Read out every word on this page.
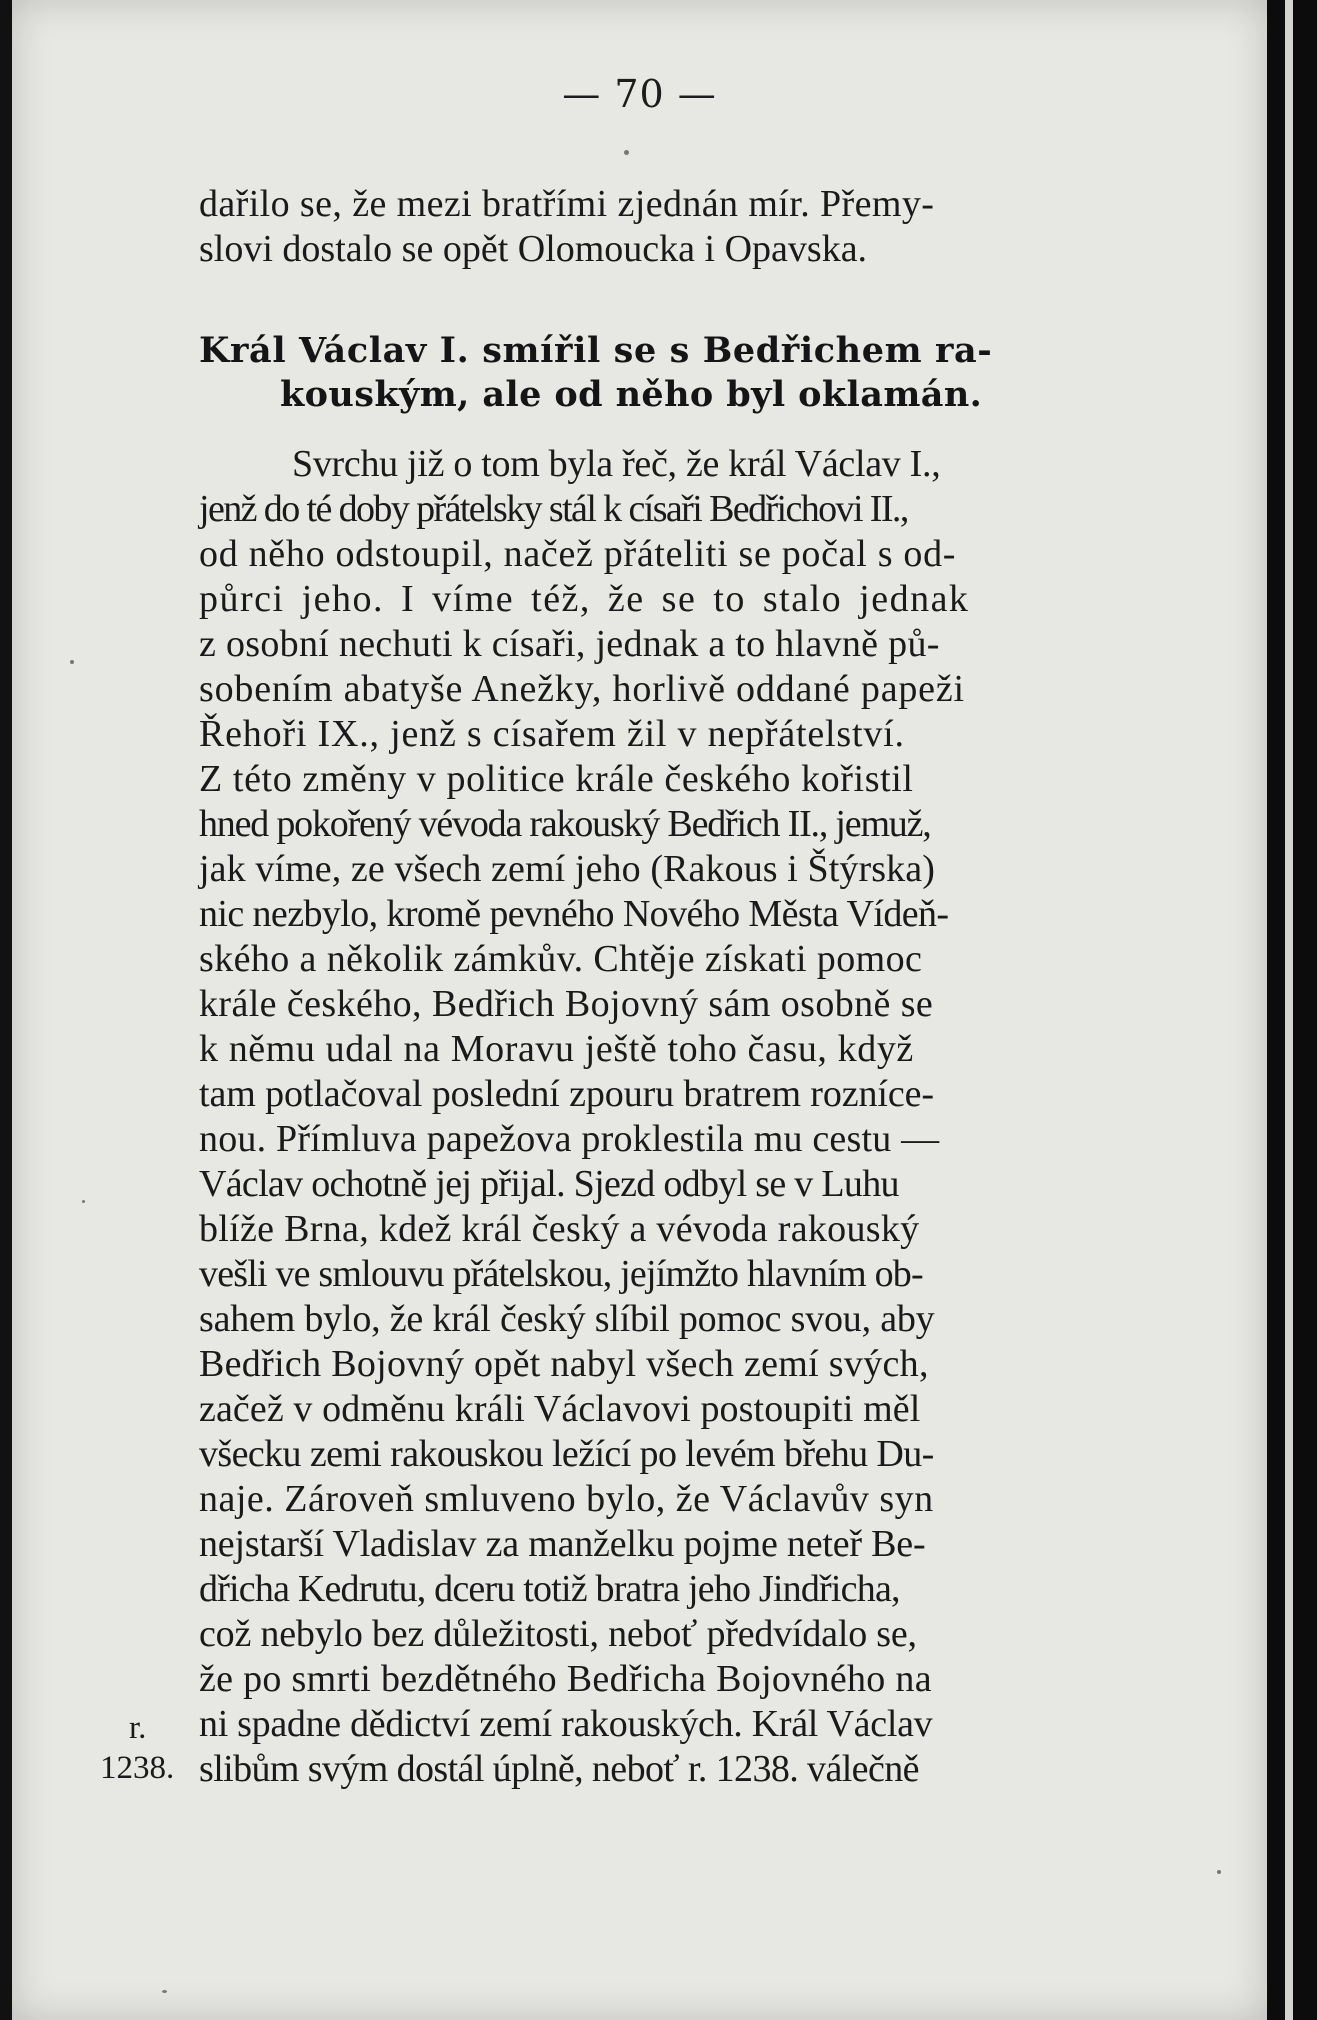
— 70 —
dařilo se, že mezi bratřími zjednán mír. Přemy-
slovi dostalo se opět Olomoucka i Opavska.
Král Václav I. smířil se s Bedřichem ra-
kouským, ale od něho byl oklamán.
Svrchu již o tom byla řeč, že král Václav I.,
jenž do té doby přátelsky stál k císaři Bedřichovi II.,
od něho odstoupil, načež přáteliti se počal s od-
půrci jeho. I víme též, že se to stalo jednak
z osobní nechuti k císaři, jednak a to hlavně pů-
sobením abatyše Anežky, horlivě oddané papeži
Řehoři IX., jenž s císařem žil v nepřátelství.
Z této změny v politice krále českého kořistil
hned pokořený vévoda rakouský Bedřich II., jemuž,
jak víme, ze všech zemí jeho (Rakous i Štýrska)
nic nezbylo, kromě pevného Nového Města Vídeň-
ského a několik zámkův. Chtěje získati pomoc
krále českého, Bedřich Bojovný sám osobně se
k němu udal na Moravu ještě toho času, když
tam potlačoval poslední zpouru bratrem rozníce-
nou. Přímluva papežova proklestila mu cestu —
Václav ochotně jej přijal. Sjezd odbyl se v Luhu
blíže Brna, kdež král český a vévoda rakouský
vešli ve smlouvu přátelskou, jejímžto hlavním ob-
sahem bylo, že král český slíbil pomoc svou, aby
Bedřich Bojovný opět nabyl všech zemí svých,
začež v odměnu králi Václavovi postoupiti měl
všecku zemi rakouskou ležící po levém břehu Du-
naje. Zároveň smluveno bylo, že Václavův syn
nejstarší Vladislav za manželku pojme neteř Be-
dřicha Kedrutu, dceru totiž bratra jeho Jindřicha,
což nebylo bez důležitosti, neboť předvídalo se,
že po smrti bezdětného Bedřicha Bojovného na
ni spadne dědictví zemí rakouských. Král Václav
slibům svým dostál úplně, neboť r. 1238. válečně
r.
1238.
